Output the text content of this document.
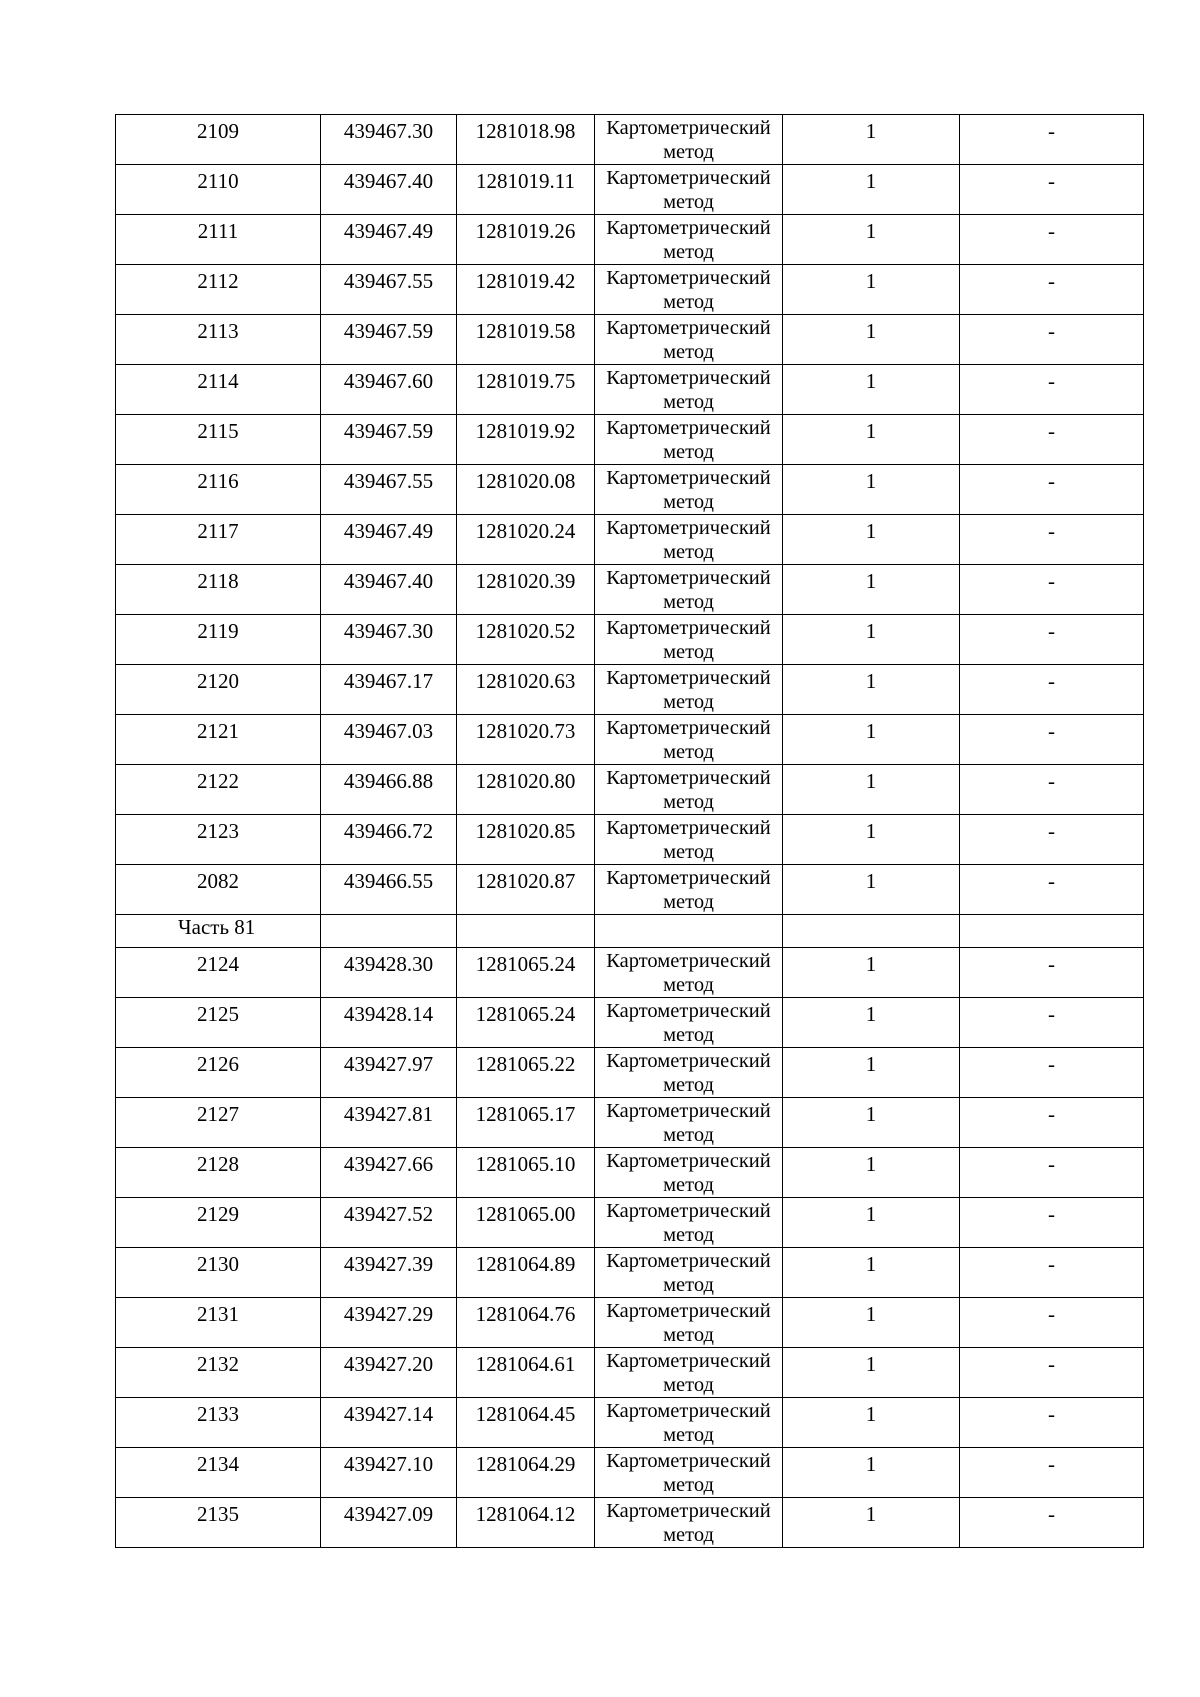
2109	439467.30	1281018.98	Картометрический метод	1	-
2110	439467.40	1281019.11	Картометрический метод	1	-
2111	439467.49	1281019.26	Картометрический метод	1	-
2112	439467.55	1281019.42	Картометрический метод	1	-
2113	439467.59	1281019.58	Картометрический метод	1	-
2114	439467.60	1281019.75	Картометрический метод	1	-
2115	439467.59	1281019.92	Картометрический метод	1	-
2116	439467.55	1281020.08	Картометрический метод	1	-
2117	439467.49	1281020.24	Картометрический метод	1	-
2118	439467.40	1281020.39	Картометрический метод	1	-
2119	439467.30	1281020.52	Картометрический метод	1	-
2120	439467.17	1281020.63	Картометрический метод	1	-
2121	439467.03	1281020.73	Картометрический метод	1	-
2122	439466.88	1281020.80	Картометрический метод	1	-
2123	439466.72	1281020.85	Картометрический метод	1	-
2082	439466.55	1281020.87	Картометрический метод	1	-
Часть 81					
2124	439428.30	1281065.24	Картометрический метод	1	-
2125	439428.14	1281065.24	Картометрический метод	1	-
2126	439427.97	1281065.22	Картометрический метод	1	-
2127	439427.81	1281065.17	Картометрический метод	1	-
2128	439427.66	1281065.10	Картометрический метод	1	-
2129	439427.52	1281065.00	Картометрический метод	1	-
2130	439427.39	1281064.89	Картометрический метод	1	-
2131	439427.29	1281064.76	Картометрический метод	1	-
2132	439427.20	1281064.61	Картометрический метод	1	-
2133	439427.14	1281064.45	Картометрический метод	1	-
2134	439427.10	1281064.29	Картометрический метод	1	-
2135	439427.09	1281064.12	Картометрический метод	1	-
